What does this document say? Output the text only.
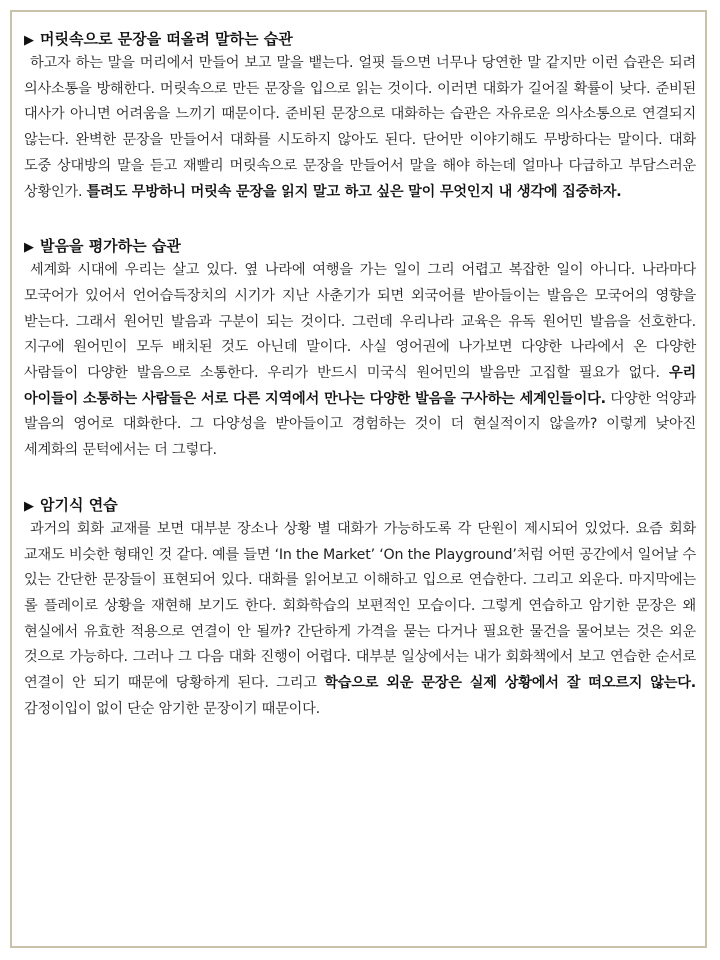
▶ 머릿속으로 문장을 떠올려 말하는 습관

하고자 하는 말을 머리에서 만들어 보고 말을 뱉는다. 얼핏 들으면 너무나 당연한 말 같지만 이런 습관은 되려 의사소통을 방해한다. 머릿속으로 만든 문장을 입으로 읽는 것이다. 이러면 대화가 길어질 확률이 낮다. 준비된 대사가 아니면 어려움을 느끼기 때문이다. 준비된 문장으로 대화하는 습관은 자유로운 의사소통으로 연결되지 않는다. 완벽한 문장을 만들어서 대화를 시도하지 않아도 된다. 단어만 이야기해도 무방하다는 말이다. 대화 도중 상대방의 말을 듣고 재빨리 머릿속으로 문장을 만들어서 말을 해야 하는데 얼마나 다급하고 부담스러운 상황인가. 틀려도 무방하니 머릿속 문장을 읽지 말고 하고 싶은 말이 무엇인지 내 생각에 집중하자.

▶ 발음을 평가하는 습관

세계화 시대에 우리는 살고 있다. 옆 나라에 여행을 가는 일이 그리 어렵고 복잡한 일이 아니다. 나라마다 모국어가 있어서 언어습득장치의 시기가 지난 사춘기가 되면 외국어를 받아들이는 발음은 모국어의 영향을 받는다. 그래서 원어민 발음과 구분이 되는 것이다. 그런데 우리나라 교육은 유독 원어민 발음을 선호한다. 지구에 원어민이 모두 배치된 것도 아닌데 말이다. 사실 영어권에 나가보면 다양한 나라에서 온 다양한 사람들이 다양한 발음으로 소통한다. 우리가 반드시 미국식 원어민의 발음만 고집할 필요가 없다. 우리 아이들이 소통하는 사람들은 서로 다른 지역에서 만나는 다양한 발음을 구사하는 세계인들이다. 다양한 억양과 발음의 영어로 대화한다. 그 다양성을 받아들이고 경험하는 것이 더 현실적이지 않을까? 이렇게 낮아진 세계화의 문턱에서는 더 그렇다.

▶ 암기식 연습

과거의 회화 교재를 보면 대부분 장소나 상황 별 대화가 가능하도록 각 단원이 제시되어 있었다. 요즘 회화 교재도 비슷한 형태인 것 같다. 예를 들면 ‘In the Market’ ‘On the Playground’처럼 어떤 공간에서 일어날 수 있는 간단한 문장들이 표현되어 있다. 대화를 읽어보고 이해하고 입으로 연습한다. 그리고 외운다. 마지막에는 롤 플레이로 상황을 재현해 보기도 한다. 회화학습의 보편적인 모습이다. 그렇게 연습하고 암기한 문장은 왜 현실에서 유효한 적용으로 연결이 안 될까? 간단하게 가격을 묻는 다거나 필요한 물건을 물어보는 것은 외운 것으로 가능하다. 그러나 그 다음 대화 진행이 어렵다. 대부분 일상에서는 내가 회화책에서 보고 연습한 순서로 연결이 안 되기 때문에 당황하게 된다. 그리고 학습으로 외운 문장은 실제 상황에서 잘 떠오르지 않는다. 감정이입이 없이 단순 암기한 문장이기 때문이다.
